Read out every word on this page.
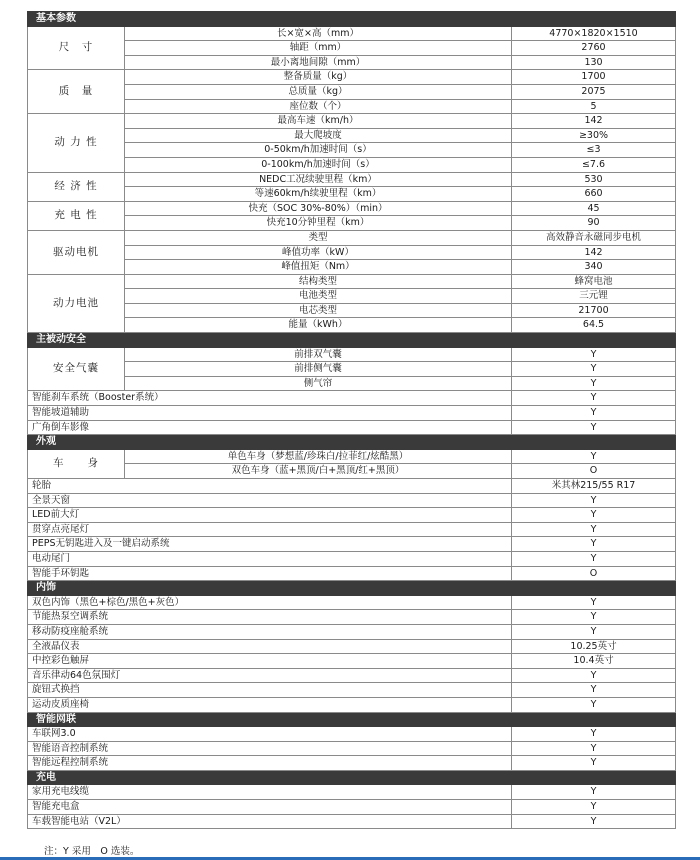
基本参数		
尺　寸	长×宽×高（mm）	4770×1820×1510
	轴距（mm）	2760
	最小离地间隙（mm）	130
质　量	整备质量（kg）	1700
	总质量（kg）	2075
	座位数（个）	5
动 力 性	最高车速（km/h）	142
	最大爬坡度	≥30%
	0-50km/h加速时间（s）	≤3
	0-100km/h加速时间（s）	≤7.6
经 济 性	NEDC工况续驶里程（km）	530
	等速60km/h续驶里程（km）	660
充 电 性	快充（SOC 30%-80%）（min）	45
	快充10分钟里程（km）	90
驱动电机	类型	高效静音永磁同步电机
	峰值功率（kW）	142
	峰值扭矩（Nm）	340
动力电池	结构类型	蜂窝电池
	电池类型	三元锂
	电芯类型	21700
	能量（kWh）	64.5
主被动安全		
安全气囊	前排双气囊	Y
	前排侧气囊	Y
	侧气帘	Y
智能刹车系统（Booster系统）		Y
智能坡道辅助		Y
广角倒车影像		Y
外观		
车　　身	单色车身（梦想蓝/珍珠白/拉菲红/炫酷黑）	Y
	双色车身（蓝+黑顶/白+黑顶/红+黑顶）	O
轮胎		米其林215/55 R17
全景天窗		Y
LED前大灯		Y
贯穿点亮尾灯		Y
PEPS无钥匙进入及一键启动系统		Y
电动尾门		Y
智能手环钥匙		O
内饰		
双色内饰（黑色+棕色/黑色+灰色）		Y
节能热泵空调系统		Y
移动防疫座舱系统		Y
全液晶仪表		10.25英寸
中控彩色触屏		10.4英寸
音乐律动64色氛围灯		Y
旋钮式换挡		Y
运动皮质座椅		Y
智能网联		
车联网3.0		Y
智能语音控制系统		Y
智能远程控制系统		Y
充电		
家用充电线缆		Y
智能充电盒		Y
车载智能电站（V2L）		Y
注：Y 采用　O 选装。
